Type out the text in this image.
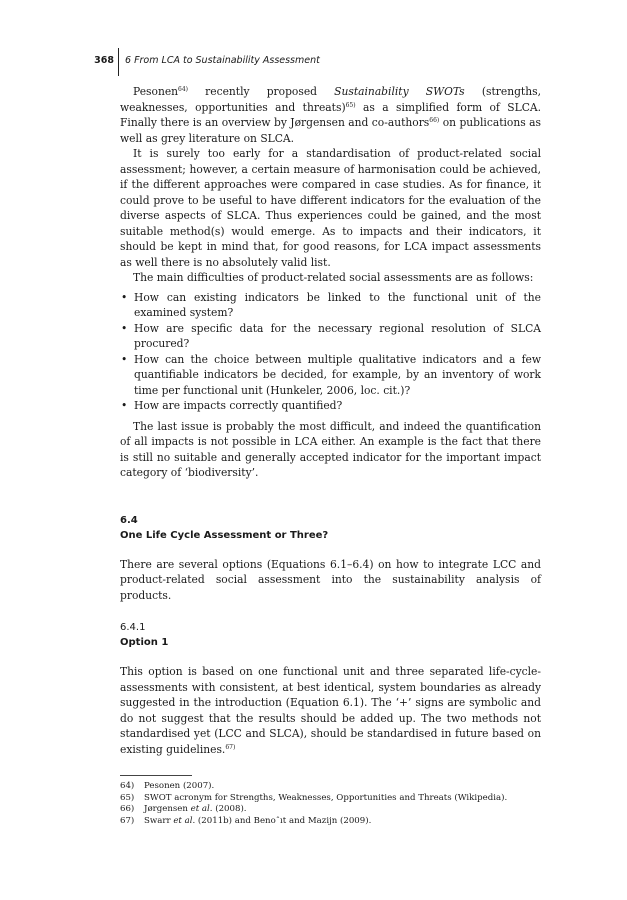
368 6 From LCA to Sustainability Assessment

Pesonen$^{64)}$ recently proposed Sustainability SWOTs (strengths, weaknesses, opportunities and threats)$^{65)}$ as a simplified form of SLCA. Finally there is an overview by Jørgensen and co-authors$^{66)}$ on publications as well as grey literature on SLCA.

It is surely too early for a standardisation of product-related social assessment; however, a certain measure of harmonisation could be achieved, if the different approaches were compared in case studies. As for finance, it could prove to be useful to have different indicators for the evaluation of the diverse aspects of SLCA. Thus experiences could be gained, and the most suitable method(s) would emerge. As to impacts and their indicators, it should be kept in mind that, for good reasons, for LCA impact assessments as well there is no absolutely valid list.

The main difficulties of product-related social assessments are as follows:

• How can existing indicators be linked to the functional unit of the examined system?
• How are specific data for the necessary regional resolution of SLCA procured?
• How can the choice between multiple qualitative indicators and a few quantifiable indicators be decided, for example, by an inventory of work time per functional unit (Hunkeler, 2006, loc. cit.)?
• How are impacts correctly quantified?

The last issue is probably the most difficult, and indeed the quantification of all impacts is not possible in LCA either. An example is the fact that there is still no suitable and generally accepted indicator for the important impact category of ‘biodiversity’.

6.4
One Life Cycle Assessment or Three?

There are several options (Equations 6.1–6.4) on how to integrate LCC and product-related social assessment into the sustainability analysis of products.

6.4.1
Option 1

This option is based on one functional unit and three separated life-cycle-assessments with consistent, at best identical, system boundaries as already suggested in the introduction (Equation 6.1). The ‘+’ signs are symbolic and do not suggest that the results should be added up. The two methods not standardised yet (LCC and SLCA), should be standardised in future based on existing guidelines.$^{67)}$

64)	Pesonen (2007).
65)	SWOT acronym for Strengths, Weaknesses, Opportunities and Threats (Wikipedia).
66)	Jørgensen et al. (2008).
67)	Swarr et al. (2011b) and Benoˆıt and Mazijn (2009).
